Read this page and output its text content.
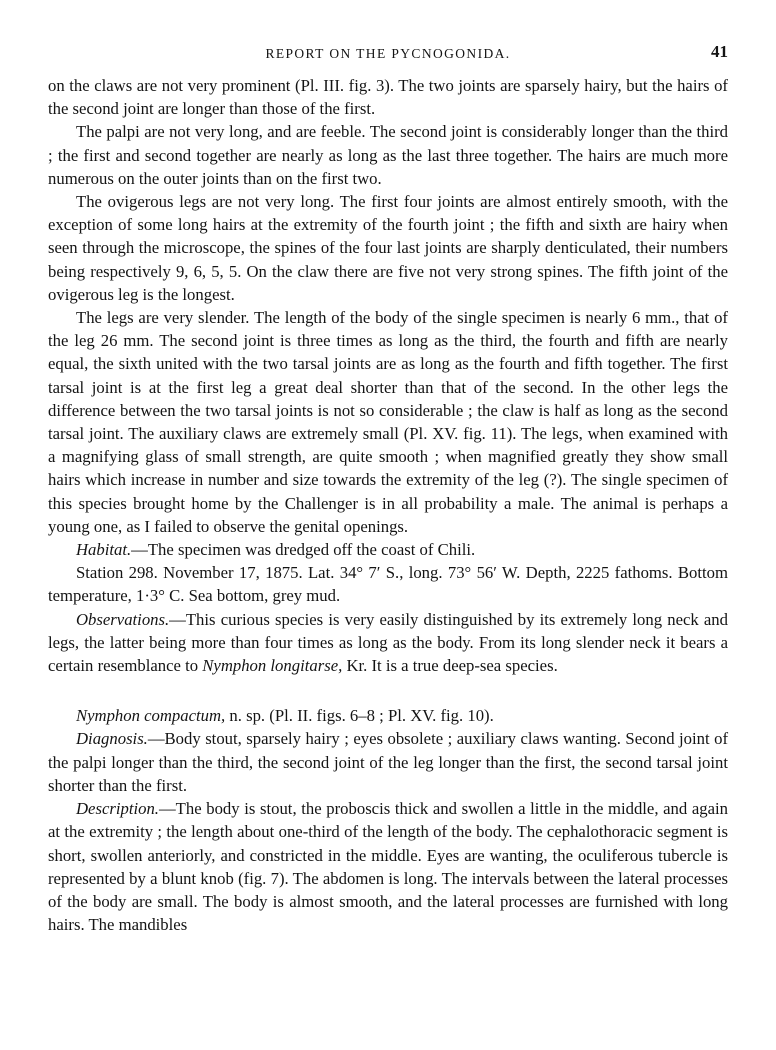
REPORT ON THE PYCNOGONIDA.	41

on the claws are not very prominent (Pl. III. fig. 3). The two joints are sparsely hairy, but the hairs of the second joint are longer than those of the first.

The palpi are not very long, and are feeble. The second joint is considerably longer than the third ; the first and second together are nearly as long as the last three together. The hairs are much more numerous on the outer joints than on the first two.

The ovigerous legs are not very long. The first four joints are almost entirely smooth, with the exception of some long hairs at the extremity of the fourth joint ; the fifth and sixth are hairy when seen through the microscope, the spines of the four last joints are sharply denticulated, their numbers being respectively 9, 6, 5, 5. On the claw there are five not very strong spines. The fifth joint of the ovigerous leg is the longest.

The legs are very slender. The length of the body of the single specimen is nearly 6 mm., that of the leg 26 mm. The second joint is three times as long as the third, the fourth and fifth are nearly equal, the sixth united with the two tarsal joints are as long as the fourth and fifth together. The first tarsal joint is at the first leg a great deal shorter than that of the second. In the other legs the difference between the two tarsal joints is not so considerable ; the claw is half as long as the second tarsal joint. The auxiliary claws are extremely small (Pl. XV. fig. 11). The legs, when examined with a magnifying glass of small strength, are quite smooth ; when magnified greatly they show small hairs which increase in number and size towards the extremity of the leg (?). The single specimen of this species brought home by the Challenger is in all probability a male. The animal is perhaps a young one, as I failed to observe the genital openings.

Habitat.—The specimen was dredged off the coast of Chili.

Station 298. November 17, 1875. Lat. 34° 7′ S., long. 73° 56′ W. Depth, 2225 fathoms. Bottom temperature, 1·3° C. Sea bottom, grey mud.

Observations.—This curious species is very easily distinguished by its extremely long neck and legs, the latter being more than four times as long as the body. From its long slender neck it bears a certain resemblance to Nymphon longitarse, Kr. It is a true deep-sea species.

Nymphon compactum, n. sp. (Pl. II. figs. 6–8 ; Pl. XV. fig. 10).

Diagnosis.—Body stout, sparsely hairy ; eyes obsolete ; auxiliary claws wanting. Second joint of the palpi longer than the third, the second joint of the leg longer than the first, the second tarsal joint shorter than the first.

Description.—The body is stout, the proboscis thick and swollen a little in the middle, and again at the extremity ; the length about one-third of the length of the body. The cephalothoracic segment is short, swollen anteriorly, and constricted in the middle. Eyes are wanting, the oculiferous tubercle is represented by a blunt knob (fig. 7). The abdomen is long. The intervals between the lateral processes of the body are small. The body is almost smooth, and the lateral processes are furnished with long hairs. The mandibles
